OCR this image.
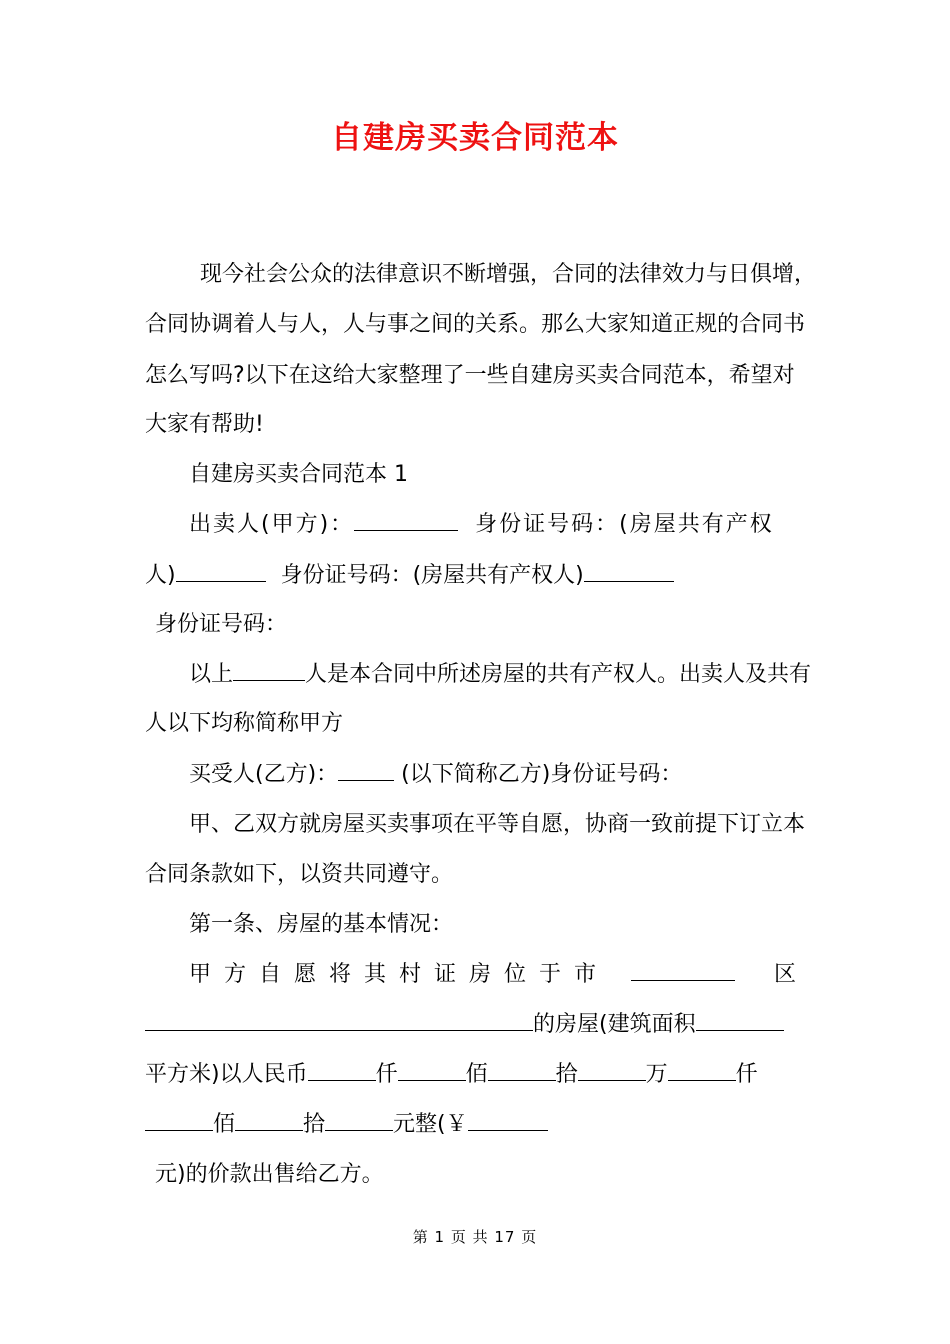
自建房买卖合同范本
现今社会公众的法律意识不断增强，合同的法律效力与日俱增，
合同协调着人与人，人与事之间的关系。那么大家知道正规的合同书
怎么写吗?以下在这给大家整理了一些自建房买卖合同范本，希望对
大家有帮助!
自建房买卖合同范本 1
出卖人(甲方)：	身份证号码：(房屋共有产权
人)	身份证号码：(房屋共有产权人)
身份证号码：
以上	人是本合同中所述房屋的共有产权人。出卖人及共有
人以下均称简称甲方
买受人(乙方)：	(以下简称乙方)身份证号码：
甲、乙双方就房屋买卖事项在平等自愿，协商一致前提下订立本
合同条款如下，以资共同遵守。
第一条、房屋的基本情况：
甲方自愿将其村证房位于市	区
的房屋(建筑面积
平方米)以人民币	仟	佰	拾	万	仟
佰	拾	元整(￥
元)的价款出售给乙方。
第 1 页 共 17 页
